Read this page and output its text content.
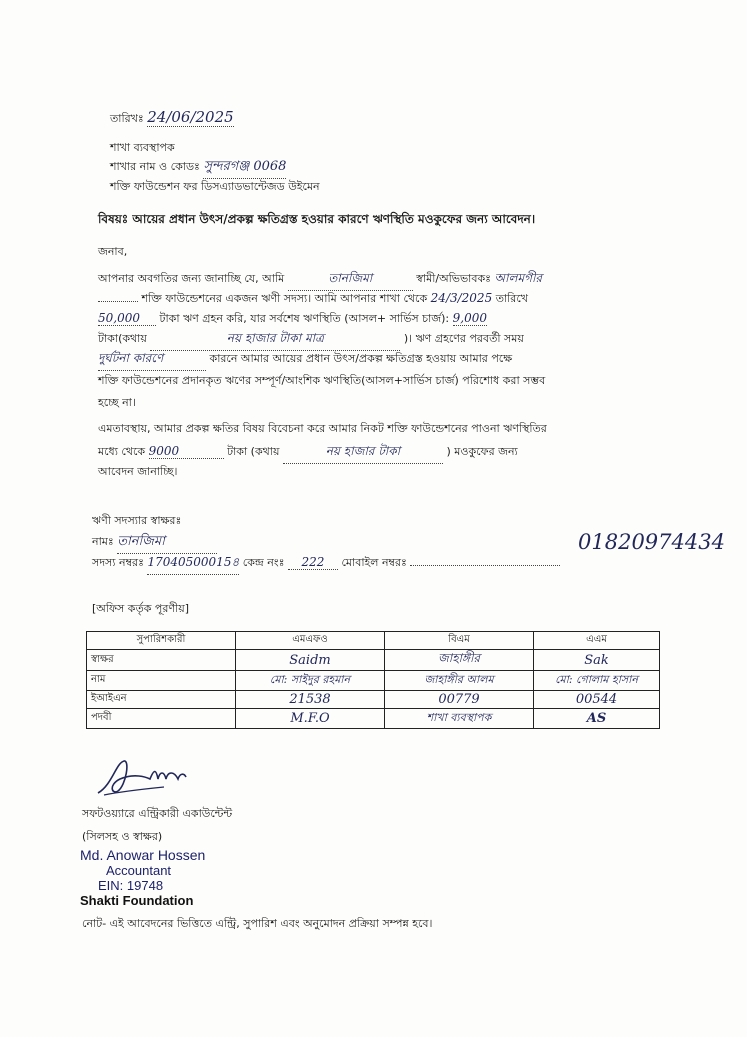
তারিখঃ 24/06/2025
শাখা ব্যবস্থাপক
শাখার নাম ও কোডঃ সুন্দরগঞ্জ 0068
শক্তি ফাউন্ডেশন ফর ডিসএ্যাডভান্টেজড উইমেন
বিষয়ঃ আয়ের প্রধান উৎস/প্রকল্প ক্ষতিগ্রস্ত হওয়ার কারণে ঋণস্থিতি মওকুফের জন্য আবেদন।
জনাব,
আপনার অবগতির জন্য জানাচ্ছি যে, আমি	তানজিমা	স্বামী/অভিভাবকঃ আলমগীর
শক্তি ফাউন্ডেশনের একজন ঋণী সদস্য। আমি আপনার শাখা থেকে 24/3/2025 তারিখে
50,000 টাকা ঋণ গ্রহন করি, যার সর্বশেষ ঋণস্থিতি (আসল+ সার্ভিস চার্জ): 9,000
টাকা(কথায়	নয় হাজার টাকা মাত্র	)। ঋণ গ্রহণের পরবর্তী সময়
দুর্ঘটনা কারণে	কারনে আমার আয়ের প্রধান উৎস/প্রকল্প ক্ষতিগ্রস্ত হওয়ায় আমার পক্ষে
শক্তি ফাউন্ডেশনের প্রদানকৃত ঋণের সম্পূর্ণ/আংশিক ঋণস্থিতি(আসল+সার্ভিস চার্জ) পরিশোধ করা সম্ভব
হচ্ছে না।
এমতাবস্থায়, আমার প্রকল্প ক্ষতির বিষয় বিবেচনা করে আমার নিকট শক্তি ফাউন্ডেশনের পাওনা ঋণস্থিতির
মধ্যে থেকে 9000	টাকা (কথায়	নয় হাজার টাকা	) মওকুফের জন্য
আবেদন জানাচ্ছি।
ঋণী সদস্যার স্বাক্ষরঃ
নামঃ তানজিমা
সদস্য নম্বরঃ 17040500015৪ কেন্দ্র নংঃ 222 মোবাইল নম্বরঃ
01820974434
[অফিস কর্তৃক পূরণীয়]
সুপারিশকারী	এমএফও	বিএম	এএম
স্বাক্ষর	Saidm	জাহাঙ্গীর	Sak
নাম	মো: সাইদুর রহমান	জাহাঙ্গীর আলম	মো: গোলাম হাসান
ইআইএন	21538	00779	00544
পদবী	M.F.O	শাখা ব্যবস্থাপক	AS
সফটওয়্যারে এন্ট্রিকারী একাউন্টেন্ট
(সিলসহ ও স্বাক্ষর)
Md. Anowar Hossen
Accountant
EIN: 19748
Shakti Foundation
নোট- এই আবেদনের ভিত্তিতে এন্ট্রি, সুপারিশ এবং অনুমোদন প্রক্রিয়া সম্পন্ন হবে।
